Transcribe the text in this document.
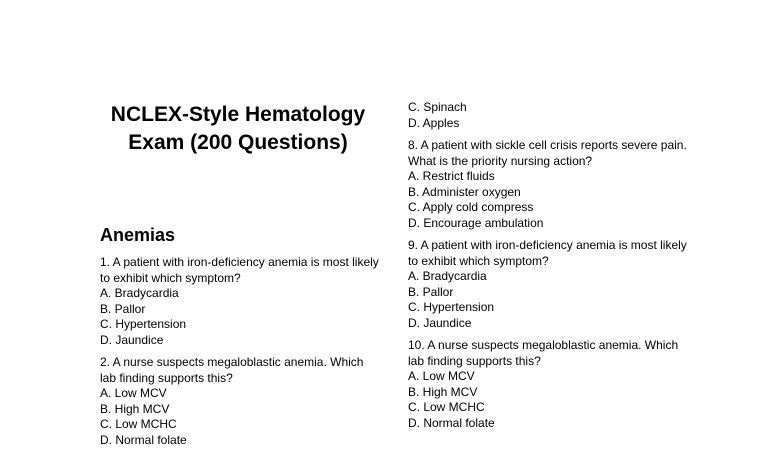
NCLEX-Style Hematology Exam (200 Questions)
Anemias

1. A patient with iron-deficiency anemia is most likely to exhibit which symptom?

A. Bradycardia

B. Pallor

C. Hypertension

D. Jaundice

2. A nurse suspects megaloblastic anemia. Which lab finding supports this?

A. Low MCV

B. High MCV

C. Low MCHC

D. Normal folate

C. Spinach

D. Apples

8. A patient with sickle cell crisis reports severe pain. What is the priority nursing action?

A. Restrict fluids

B. Administer oxygen

C. Apply cold compress

D. Encourage ambulation

9. A patient with iron-deficiency anemia is most likely to exhibit which symptom?

A. Bradycardia

B. Pallor

C. Hypertension

D. Jaundice

10. A nurse suspects megaloblastic anemia. Which lab finding supports this?

A. Low MCV

B. High MCV

C. Low MCHC

D. Normal folate
